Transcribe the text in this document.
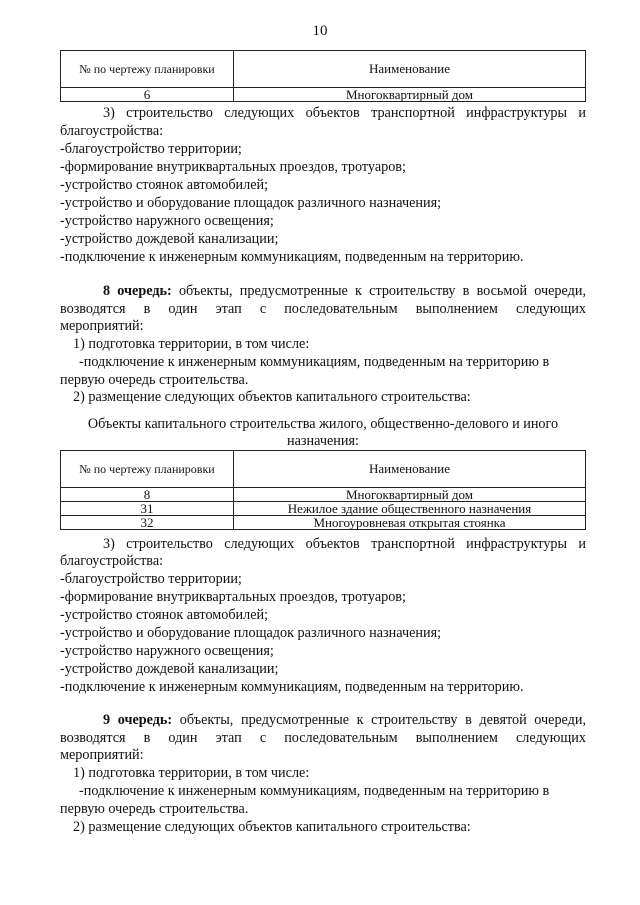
10
№ по чертежу планировки	Наименование
6	Многоквартирный дом
3) строительство следующих объектов транспортной инфраструктуры и
благоустройства:
-благоустройство территории;
-формирование внутриквартальных проездов, тротуаров;
-устройство стоянок автомобилей;
-устройство и оборудование площадок различного назначения;
-устройство наружного освещения;
-устройство дождевой канализации;
-подключение к инженерным коммуникациям, подведенным на территорию.
8 очередь: объекты, предусмотренные к строительству в восьмой очереди,
возводятся в один этап с последовательным выполнением следующих
мероприятий:
1) подготовка территории, в том числе:
-подключение к инженерным коммуникациям, подведенным на территорию в
первую очередь строительства.
2) размещение следующих объектов капитального строительства:
Объекты капитального строительства жилого, общественно-делового и иного
назначения:
№ по чертежу планировки	Наименование
8	Многоквартирный дом
31	Нежилое здание общественного назначения
32	Многоуровневая открытая стоянка
3) строительство следующих объектов транспортной инфраструктуры и
благоустройства:
-благоустройство территории;
-формирование внутриквартальных проездов, тротуаров;
-устройство стоянок автомобилей;
-устройство и оборудование площадок различного назначения;
-устройство наружного освещения;
-устройство дождевой канализации;
-подключение к инженерным коммуникациям, подведенным на территорию.
9 очередь: объекты, предусмотренные к строительству в девятой очереди,
возводятся в один этап с последовательным выполнением следующих
мероприятий:
1) подготовка территории, в том числе:
-подключение к инженерным коммуникациям, подведенным на территорию в
первую очередь строительства.
2) размещение следующих объектов капитального строительства:
